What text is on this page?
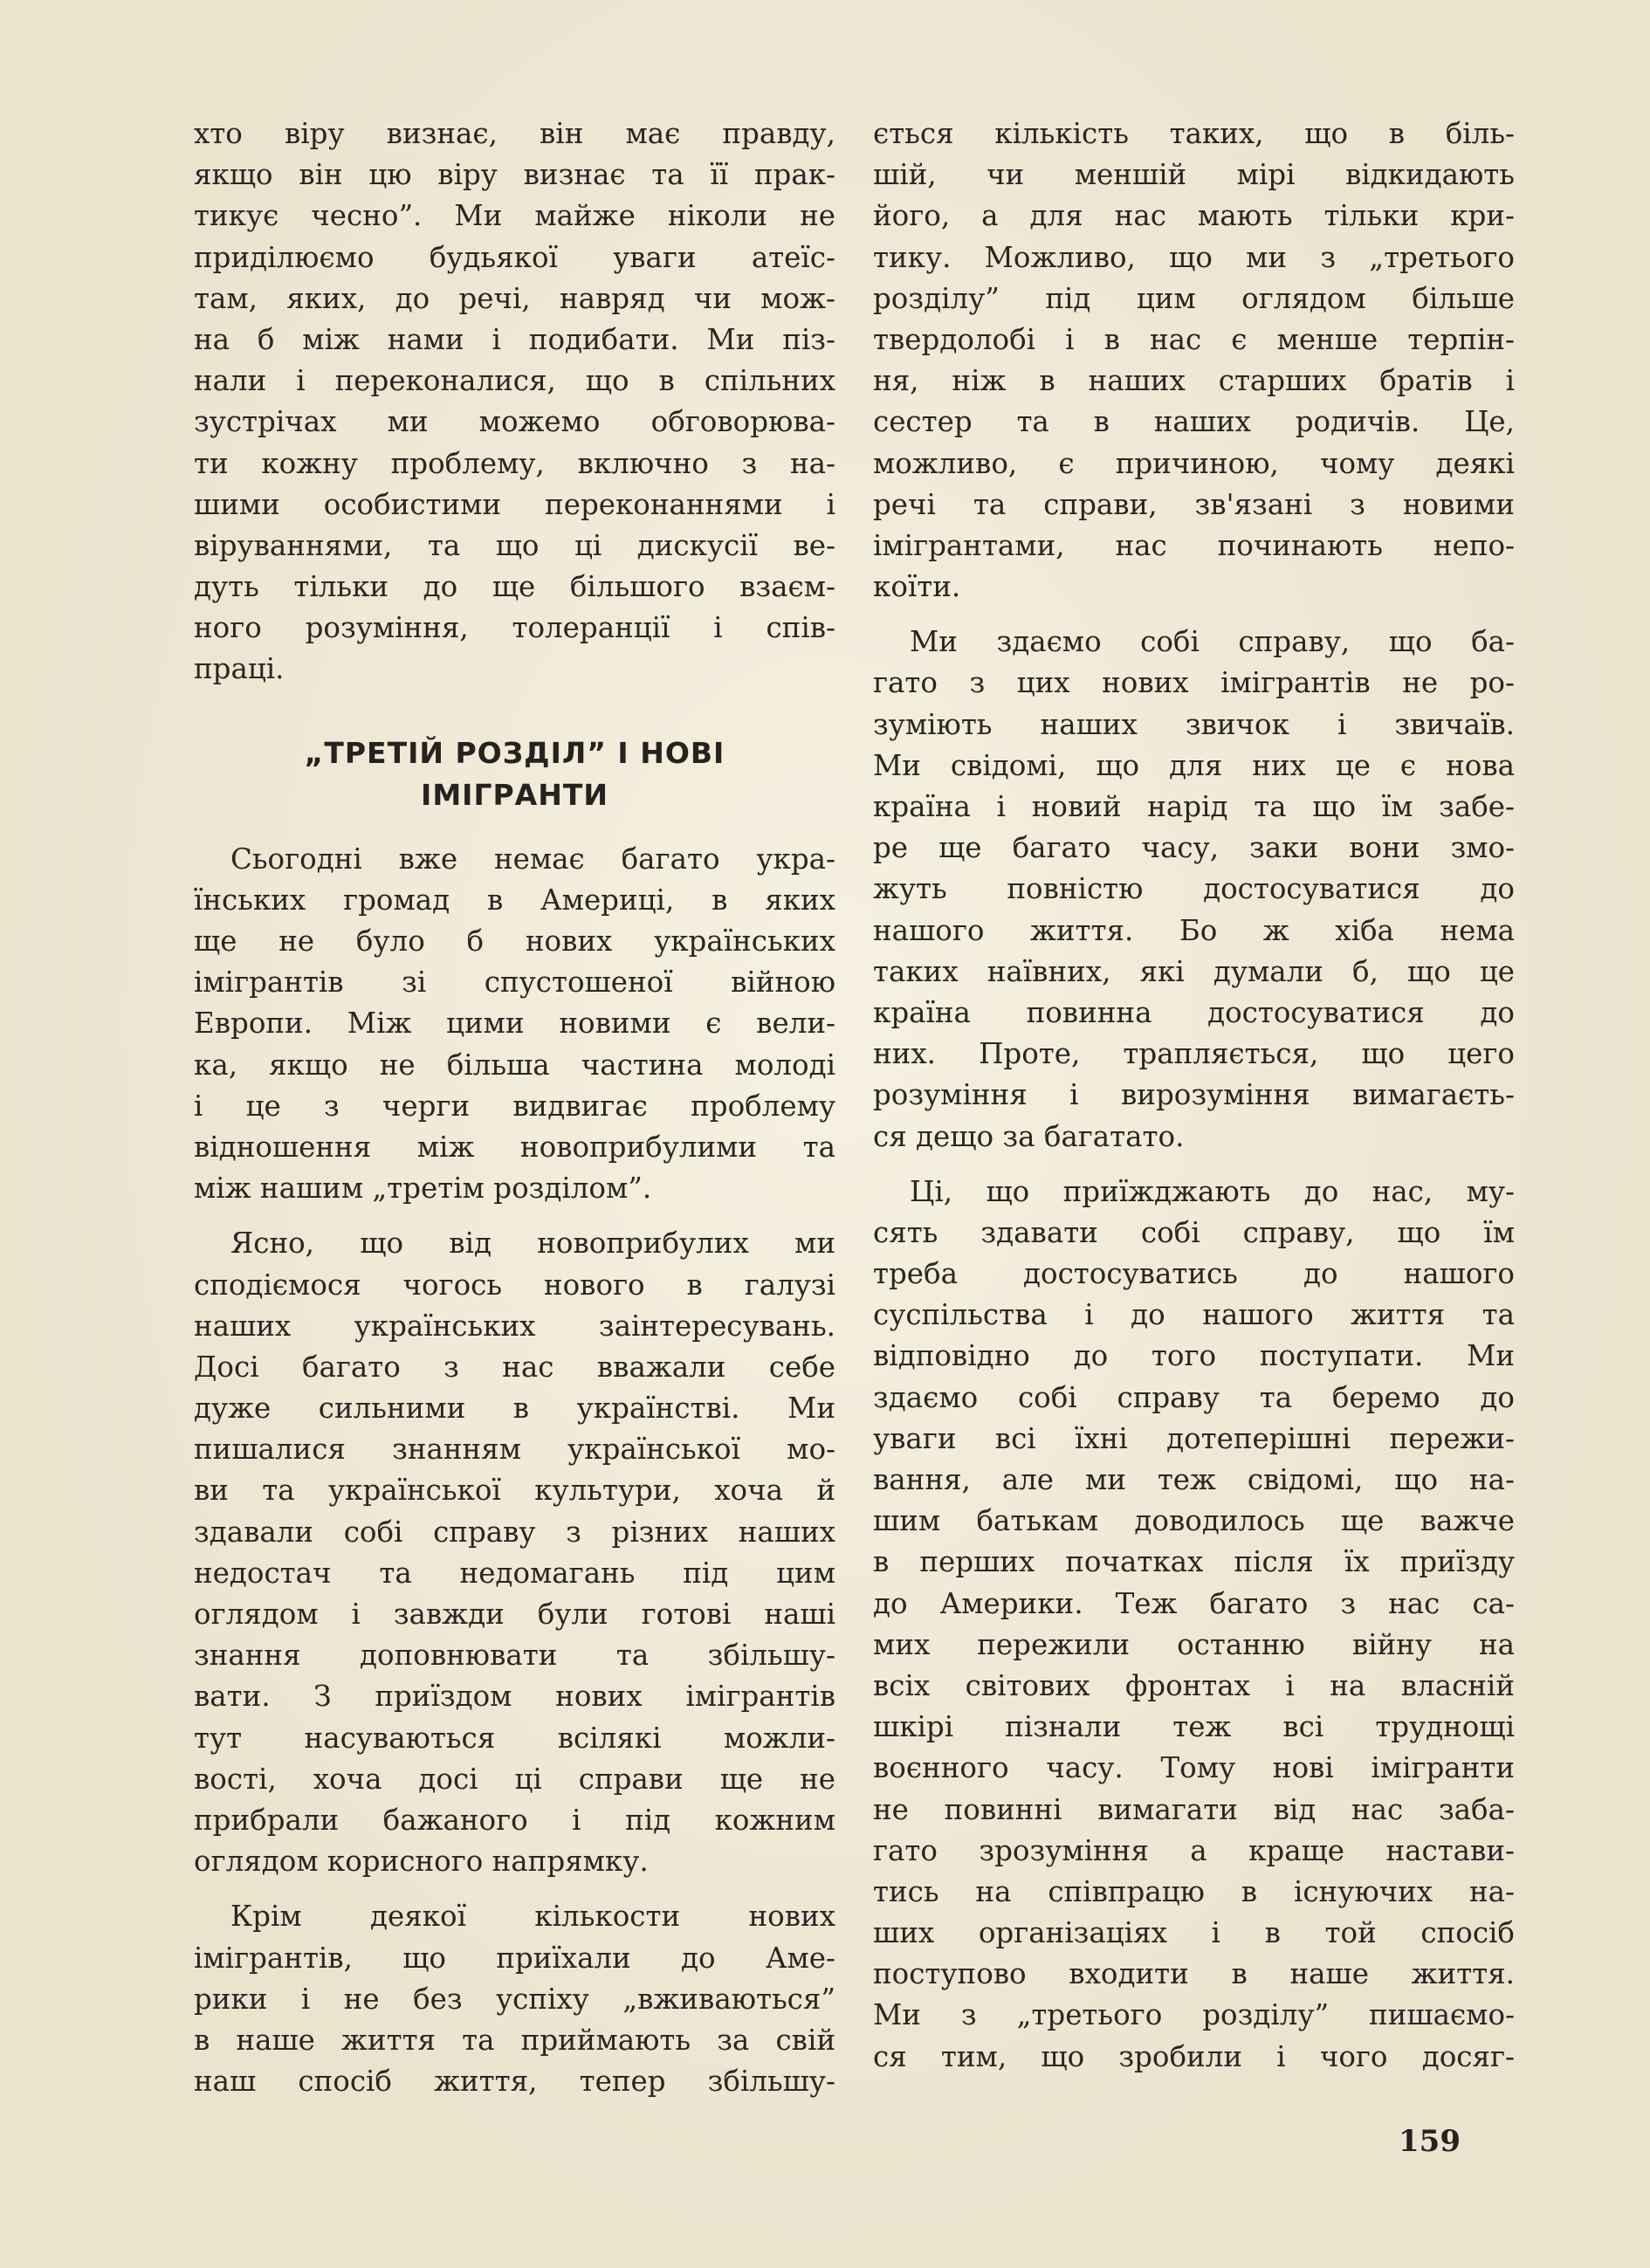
хто віру визнає, він має правду,
якщо він цю віру визнає та її прак-
тикує чесно”. Ми майже ніколи не
приділюємо будьякої уваги атеїс-
там, яких, до речі, навряд чи мож-
на б між нами і подибати. Ми піз-
нали і переконалися, що в спільних
зустрічах ми можемо обговорюва-
ти кожну проблему, включно з на-
шими особистими переконаннями і
віруваннями, та що ці дискусії ве-
дуть тільки до ще більшого взаєм-
ного розуміння, толеранції і спів-
праці.
„ТРЕТІЙ РОЗДІЛ” І НОВІ
ІМІГРАНТИ
Сьогодні вже немає багато укра-
їнських громад в Америці, в яких
ще не було б нових українських
імігрантів зі спустошеної війною
Европи. Між цими новими є вели-
ка, якщо не більша частина молоді
і це з черги видвигає проблему
відношення між новоприбулими та
між нашим „третім розділом”.
Ясно, що від новоприбулих ми
сподіємося чогось нового в галузі
наших українських заінтересувань.
Досі багато з нас вважали себе
дуже сильними в українстві. Ми
пишалися знанням української мо-
ви та української культури, хоча й
здавали собі справу з різних наших
недостач та недомагань під цим
оглядом і завжди були готові наші
знання доповнювати та збільшу-
вати. З приїздом нових імігрантів
тут насуваються всілякі можли-
вості, хоча досі ці справи ще не
прибрали бажаного і під кожним
оглядом корисного напрямку.
Крім деякої кількости нових
імігрантів, що приїхали до Аме-
рики і не без успіху „вживаються”
в наше життя та приймають за свій
наш спосіб життя, тепер збільшу-
ється кількість таких, що в біль-
шій, чи меншій мірі відкидають
його, а для нас мають тільки кри-
тику. Можливо, що ми з „третього
розділу” під цим оглядом більше
твердолобі і в нас є менше терпін-
ня, ніж в наших старших братів і
сестер та в наших родичів. Це,
можливо, є причиною, чому деякі
речі та справи, зв'язані з новими
імігрантами, нас починають непо-
коїти.
Ми здаємо собі справу, що ба-
гато з цих нових імігрантів не ро-
зуміють наших звичок і звичаїв.
Ми свідомі, що для них це є нова
країна і новий нарід та що їм забе-
ре ще багато часу, заки вони змо-
жуть повністю достосуватися до
нашого життя. Бо ж хіба нема
таких наївних, які думали б, що це
країна повинна достосуватися до
них. Проте, трапляється, що цего
розуміння і вирозуміння вимагаєть-
ся дещо за багатато.
Ці, що приїжджають до нас, му-
сять здавати собі справу, що їм
треба достосуватись до нашого
суспільства і до нашого життя та
відповідно до того поступати. Ми
здаємо собі справу та беремо до
уваги всі їхні дотеперішні пережи-
вання, але ми теж свідомі, що на-
шим батькам доводилось ще важче
в перших початках після їх приїзду
до Америки. Теж багато з нас са-
мих пережили останню війну на
всіх світових фронтах і на власній
шкірі пізнали теж всі труднощі
воєнного часу. Тому нові імігранти
не повинні вимагати від нас заба-
гато зрозуміння а краще настави-
тись на співпрацю в існуючих на-
ших організаціях і в той спосіб
поступово входити в наше життя.
Ми з „третього розділу” пишаємо-
ся тим, що зробили і чого досяг-
159
